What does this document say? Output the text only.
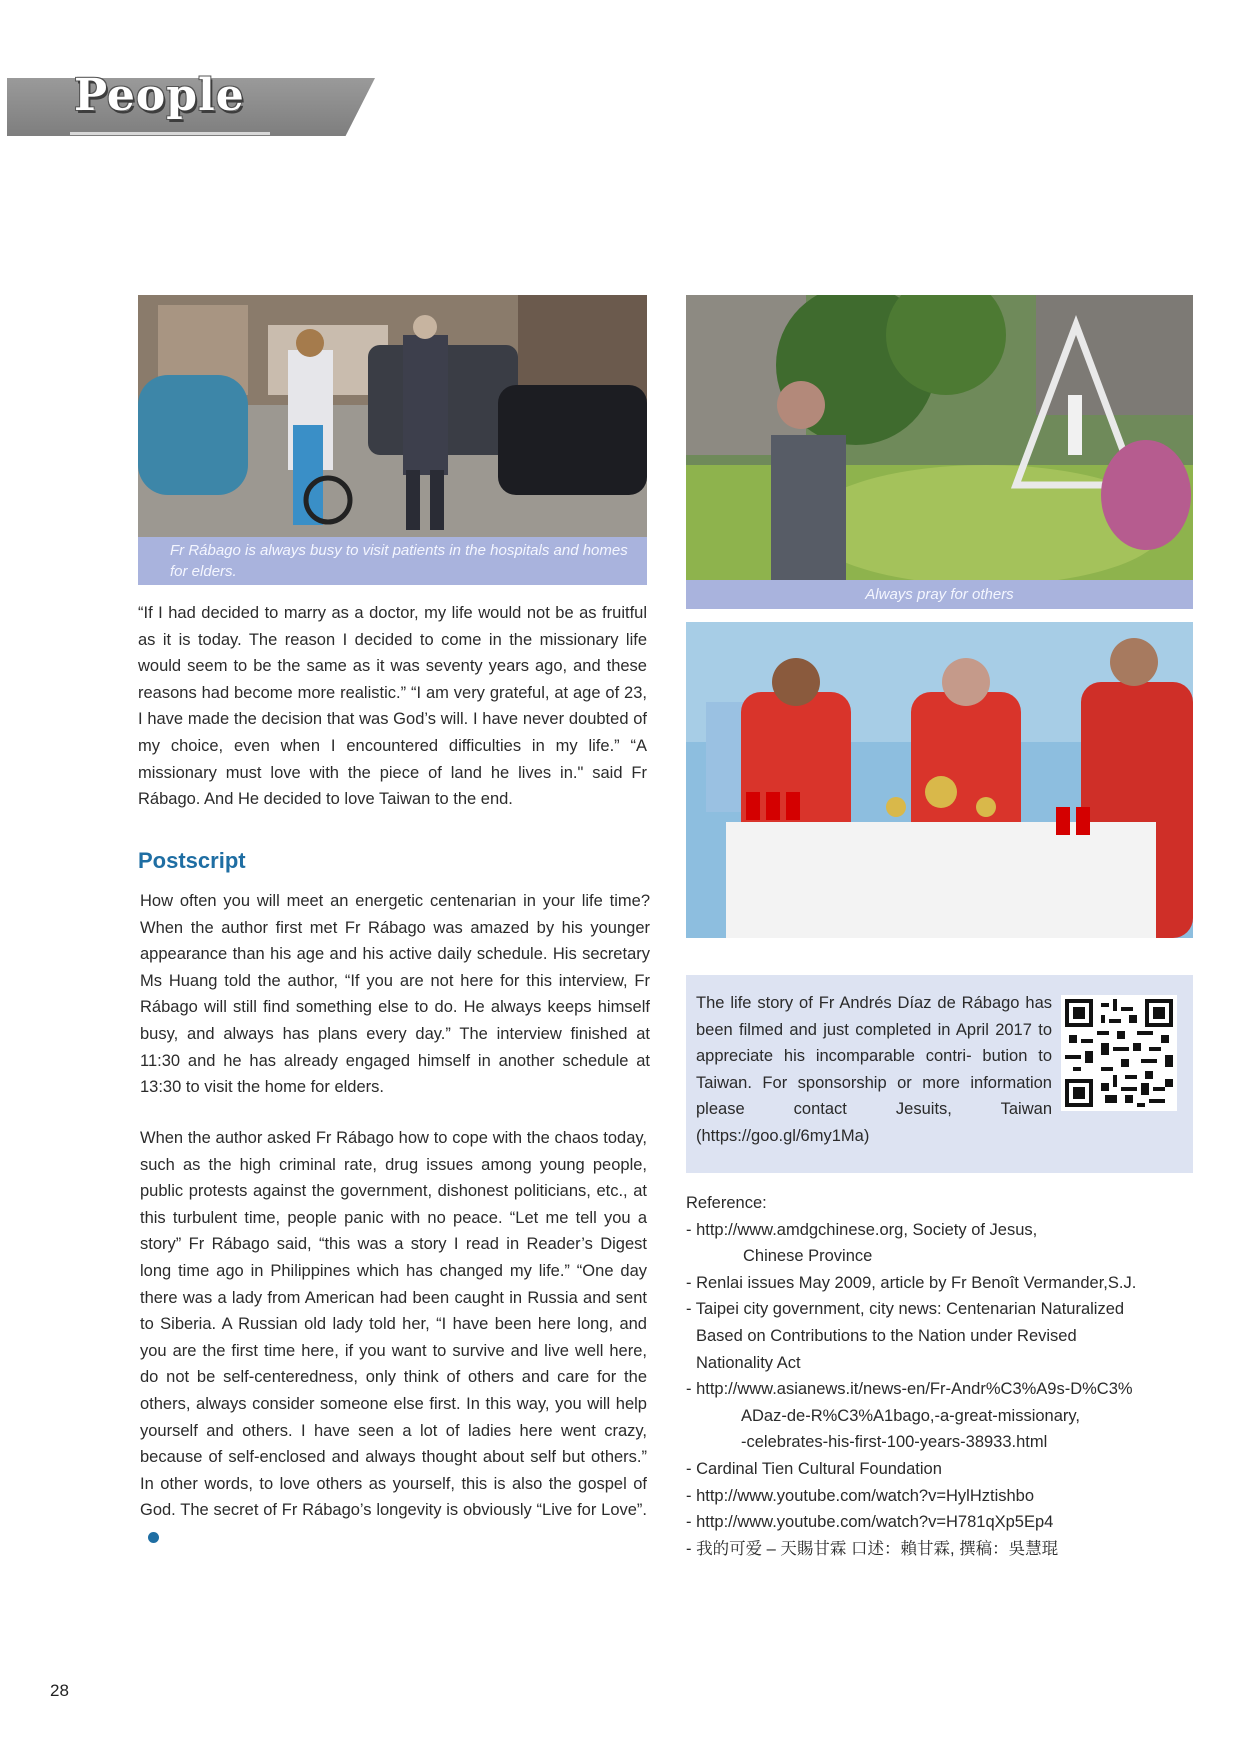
People
Fr Rábago is always busy to visit patients in the hospitals and homes for elders.
Always pray for others
“If I had decided to marry as a doctor, my life would not be as fruitful as it is today. The reason I decided to come in the missionary life would seem to be the same as it was seventy years ago, and these reasons had become more realistic.” “I am very grateful, at age of 23, I have made the decision that was God’s will. I have never doubted of my choice, even when I encountered difficulties in my life.” “A missionary must love with the piece of land he lives in." said Fr Rábago. And He decided to love Taiwan to the end.
Postscript
How often you will meet an energetic centenarian in your life time? When the author first met Fr Rábago was amazed by his younger appearance than his age and his active daily schedule. His secretary Ms Huang told the author, “If you are not here for this interview, Fr Rábago will still find something else to do. He always keeps himself busy, and always has plans every day.” The interview finished at 11:30 and he has already engaged himself in another schedule at 13:30 to visit the home for elders.
When the author asked Fr Rábago how to cope with the chaos today, such as the high criminal rate, drug issues among young people, public protests against the government, dishonest politicians, etc., at this turbulent time, people panic with no peace. “Let me tell you a story” Fr Rábago said, “this was a story I read in Reader’s Digest long time ago in Philippines which has changed my life.” “One day there was a lady from American had been caught in Russia and sent to Siberia. A Russian old lady told her, “I have been here long, and you are the first time here, if you want to survive and live well here, do not be self-centeredness, only think of others and care for the others, always consider someone else first. In this way, you will help yourself and others. I have seen a lot of ladies here went crazy, because of self-enclosed and always thought about self but others.” In other words, to love others as yourself, this is also the gospel of God. The secret of Fr Rábago’s longevity is obviously “Live for Love”.
The life story of Fr Andrés Díaz de Rábago has been filmed and just completed in April 2017 to appreciate his incomparable contri- bution to Taiwan. For sponsorship or more information please contact Jesuits, Taiwan (https://goo.gl/6my1Ma)
Reference:
- http://www.amdgchinese.org, Society of Jesus,
Chinese Province
- Renlai issues May 2009, article by Fr Benoît Vermander,S.J.
- Taipei city government, city news: Centenarian Naturalized
Based on Contributions to the Nation under Revised
Nationality Act
- http://www.asianews.it/news-en/Fr-Andr%C3%A9s-D%C3%
ADaz-de-R%C3%A1bago,-a-great-missionary,
-celebrates-his-first-100-years-38933.html
- Cardinal Tien Cultural Foundation
- http://www.youtube.com/watch?v=HylHztishbo
- http://www.youtube.com/watch?v=H781qXp5Ep4
- 我的可爱 – 天賜甘霖 口述：賴甘霖, 撰稿：吳慧琨
28
